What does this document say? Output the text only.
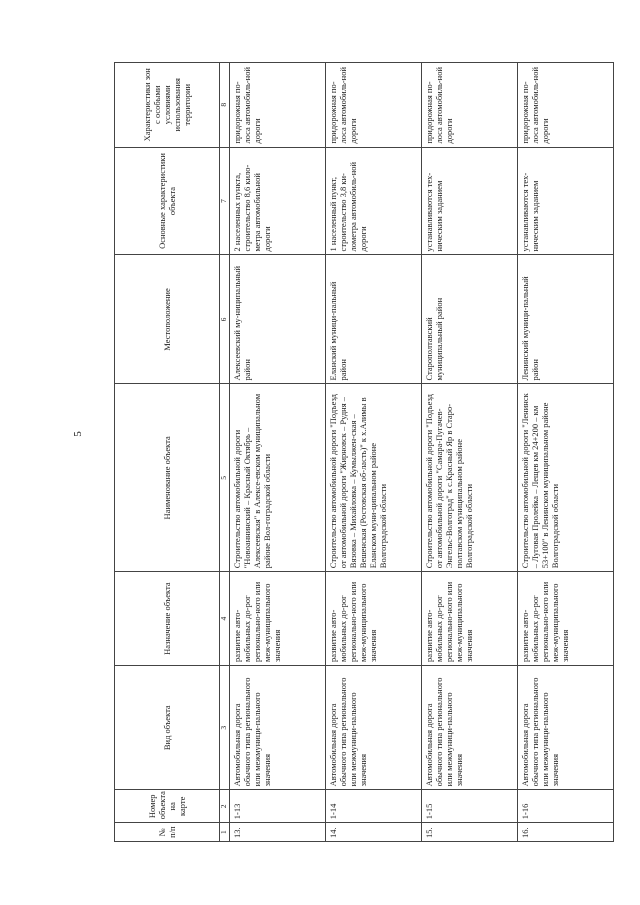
5
№ п/п	Номер объекта на карте	Вид объекта	Назначение объекта	Наименование объекта	Местоположение	Основные характеристики объекта	Характеристики зон с особыми условиями использования территории
1	2	3	4	5	6	7	8
13.	1-13	Автомобильная дорога обычного типа регионального или межмуници-пального значения	развитие авто-мобильных до-рог регионально-ного или меж-муниципального значения	Строительство автомобильной дороги "Новоаннинский – Красный Октябрь – Алексеевская" в Алексе-евском муниципальном районе Вол-гоградской области	Алексеевский му-ниципальный район	2 населенных пункта, строительство 8,6 кило-метра автомобильной дороги	придорожная по-лоса автомобиль-ной дороги
14.	1-14	Автомобильная дорога обычного типа регионального или межмуници-пального значения	развитие авто-мобильных до-рог регионально-ного или меж-муниципального значения	Строительство автомобильной дороги "Подъезд от автомобильной дороги "Жирновск – Рудня – Вязовка – Михайловка – Кумылжен-ская – Вешенская (Ростовская об-ласть)" к х.Алимы в Еланском муни-ципальном районе Волгоградской области	Еланский муници-пальный район	1 населенный пункт, строительство 3,8 ки-лометра автомобиль-ной дороги	придорожная по-лоса автомобиль-ной дороги
15.	1-15	Автомобильная дорога обычного типа регионального или межмуници-пального значения	развитие авто-мобильных до-рог регионально-ного или меж-муниципального значения	Строительство автомобильной дороги "Подъезд от автомобильной дороги "Самара-Пугачев-Энгельс-Волгоград" к с.Красный Яр в Старо-полтавском муниципальном районе Волгоградской области	Старополтавский муниципальный район	устанавливаются тех-ническим заданием	придорожная по-лоса автомобиль-ной дороги
16.	1-16	Автомобильная дорога обычного типа регионального или межмуници-пального значения	развитие авто-мобильных до-рог регионально-ного или меж-муниципального значения	Строительство автомобильной дороги "Ленинск – Луговая Пролейка – Лещев км 24+200 – км 53+100" в Ленинском муниципальном районе Волгоградской области	Ленинский муници-пальный район	устанавливаются тех-ническим заданием	придорожная по-лоса автомобиль-ной дороги
